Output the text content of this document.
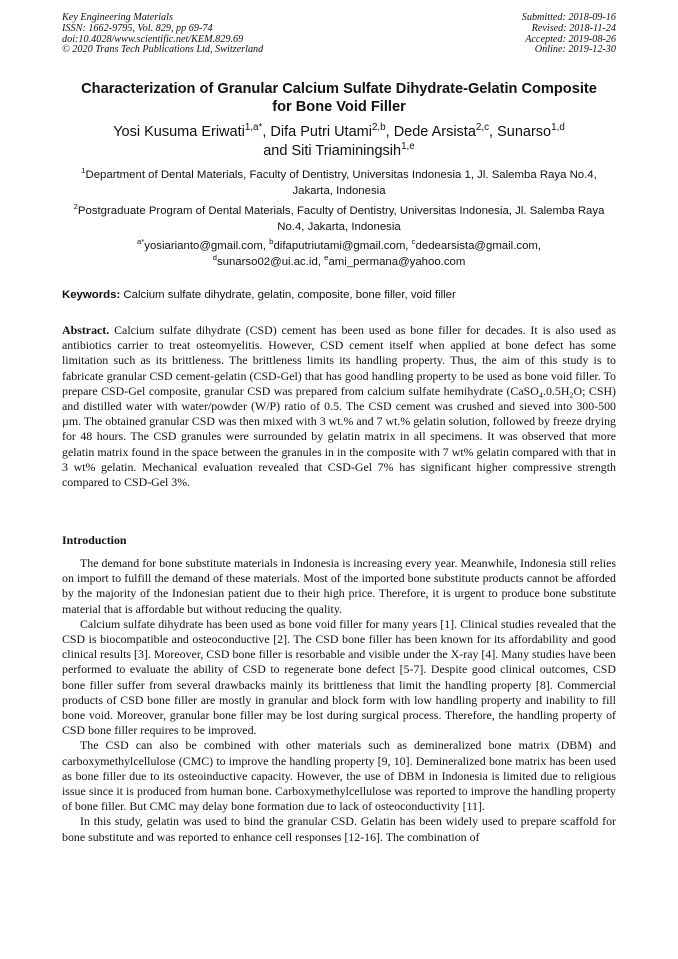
Key Engineering Materials
ISSN: 1662-9795, Vol. 829, pp 69-74
doi:10.4028/www.scientific.net/KEM.829.69
© 2020 Trans Tech Publications Ltd, Switzerland
Submitted: 2018-09-16
Revised: 2018-11-24
Accepted: 2019-08-26
Online: 2019-12-30
Characterization of Granular Calcium Sulfate Dihydrate-Gelatin Composite for Bone Void Filler
Yosi Kusuma Eriwati$^{1,a*}$, Difa Putri Utami$^{2,b}$, Dede Arsista$^{2,c}$, Sunarso$^{1,d}$
and Siti Triaminingsih$^{1,e}$
$^1$Department of Dental Materials, Faculty of Dentistry, Universitas Indonesia 1, Jl. Salemba Raya No.4, Jakarta, Indonesia
$^2$Postgraduate Program of Dental Materials, Faculty of Dentistry, Universitas Indonesia, Jl. Salemba Raya No.4, Jakarta, Indonesia
$^{a*}$yosiarianto@gmail.com, $^b$difaputriutami@gmail.com, $^c$dedearsista@gmail.com,
$^d$sunarso02@ui.ac.id, $^e$ami_permana@yahoo.com
Keywords: Calcium sulfate dihydrate, gelatin, composite, bone filler, void filler
Abstract. Calcium sulfate dihydrate (CSD) cement has been used as bone filler for decades. It is also used as antibiotics carrier to treat osteomyelitis. However, CSD cement itself when applied at bone defect has some limitation such as its brittleness. The brittleness limits its handling property. Thus, the aim of this study is to fabricate granular CSD cement-gelatin (CSD-Gel) that has good handling property to be used as bone void filler. To prepare CSD-Gel composite, granular CSD was prepared from calcium sulfate hemihydrate (CaSO₄.0.5H₂O; CSH) and distilled water with water/powder (W/P) ratio of 0.5. The CSD cement was crushed and sieved into 300-500 µm. The obtained granular CSD was then mixed with 3 wt.% and 7 wt.% gelatin solution, followed by freeze drying for 48 hours. The CSD granules were surrounded by gelatin matrix in all specimens. It was observed that more gelatin matrix found in the space between the granules in in the composite with 7 wt% gelatin compared with that in 3 wt% gelatin. Mechanical evaluation revealed that CSD-Gel 7% has significant higher compressive strength compared to CSD-Gel 3%.
Introduction

The demand for bone substitute materials in Indonesia is increasing every year. Meanwhile, Indonesia still relies on import to fulfill the demand of these materials. Most of the imported bone substitute products cannot be afforded by the majority of the Indonesian patient due to their high price. Therefore, it is urgent to produce bone substitute material that is affordable but without reducing the quality.

Calcium sulfate dihydrate has been used as bone void filler for many years [1]. Clinical studies revealed that the CSD is biocompatible and osteoconductive [2]. The CSD bone filler has been known for its affordability and good clinical results [3]. Moreover, CSD bone filler is resorbable and visible under the X-ray [4]. Many studies have been performed to evaluate the ability of CSD to regenerate bone defect [5-7]. Despite good clinical outcomes, CSD bone filler suffer from several drawbacks mainly its brittleness that limit the handling property [8]. Commercial products of CSD bone filler are mostly in granular and block form with low handling property and inability to fill bone void. Moreover, granular bone filler may be lost during surgical process. Therefore, the handling property of CSD bone filler requires to be improved.

The CSD can also be combined with other materials such as demineralized bone matrix (DBM) and carboxymethylcellulose (CMC) to improve the handling property [9, 10]. Demineralized bone matrix has been used as bone filler due to its osteoinductive capacity. However, the use of DBM in Indonesia is limited due to religious issue since it is produced from human bone. Carboxymethylcellulose was reported to improve the handling property of bone filler. But CMC may delay bone formation due to lack of osteoconductivity [11].

In this study, gelatin was used to bind the granular CSD. Gelatin has been widely used to prepare scaffold for bone substitute and was reported to enhance cell responses [12-16]. The combination of
